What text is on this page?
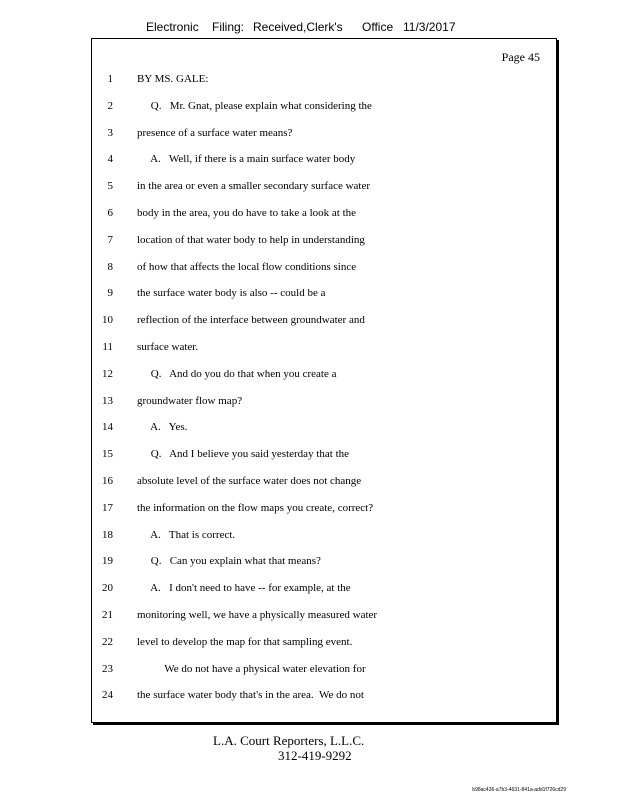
Electronic

Filing:

Received,Clerk's

Office

11/3/2017

Page 45
1 BY MS. GALE:
2 Q.   Mr. Gnat, please explain what considering the
3 presence of a surface water means?
4 A.   Well, if there is a main surface water body
5 in the area or even a smaller secondary surface water
6 body in the area, you do have to take a look at the
7 location of that water body to help in understanding
8 of how that affects the local flow conditions since
9 the surface water body is also -- could be a
10 reflection of the interface between groundwater and
11 surface water.
12 Q.   And do you do that when you create a
13 groundwater flow map?
14 A.   Yes.
15 Q.   And I believe you said yesterday that the
16 absolute level of the surface water does not change
17 the information on the flow maps you create, correct?
18 A.   That is correct.
19 Q.   Can you explain what that means?
20 A.   I don't need to have -- for example, at the
21 monitoring well, we have a physically measured water
22 level to develop the map for that sampling event.
23 We do not have a physical water elevation for
24 the surface water body that's in the area.  We do not
L.A. Court Reporters, L.L.C.
312-419-9292
b98ac436-a7b3-4631-841a-add1f726cd29
